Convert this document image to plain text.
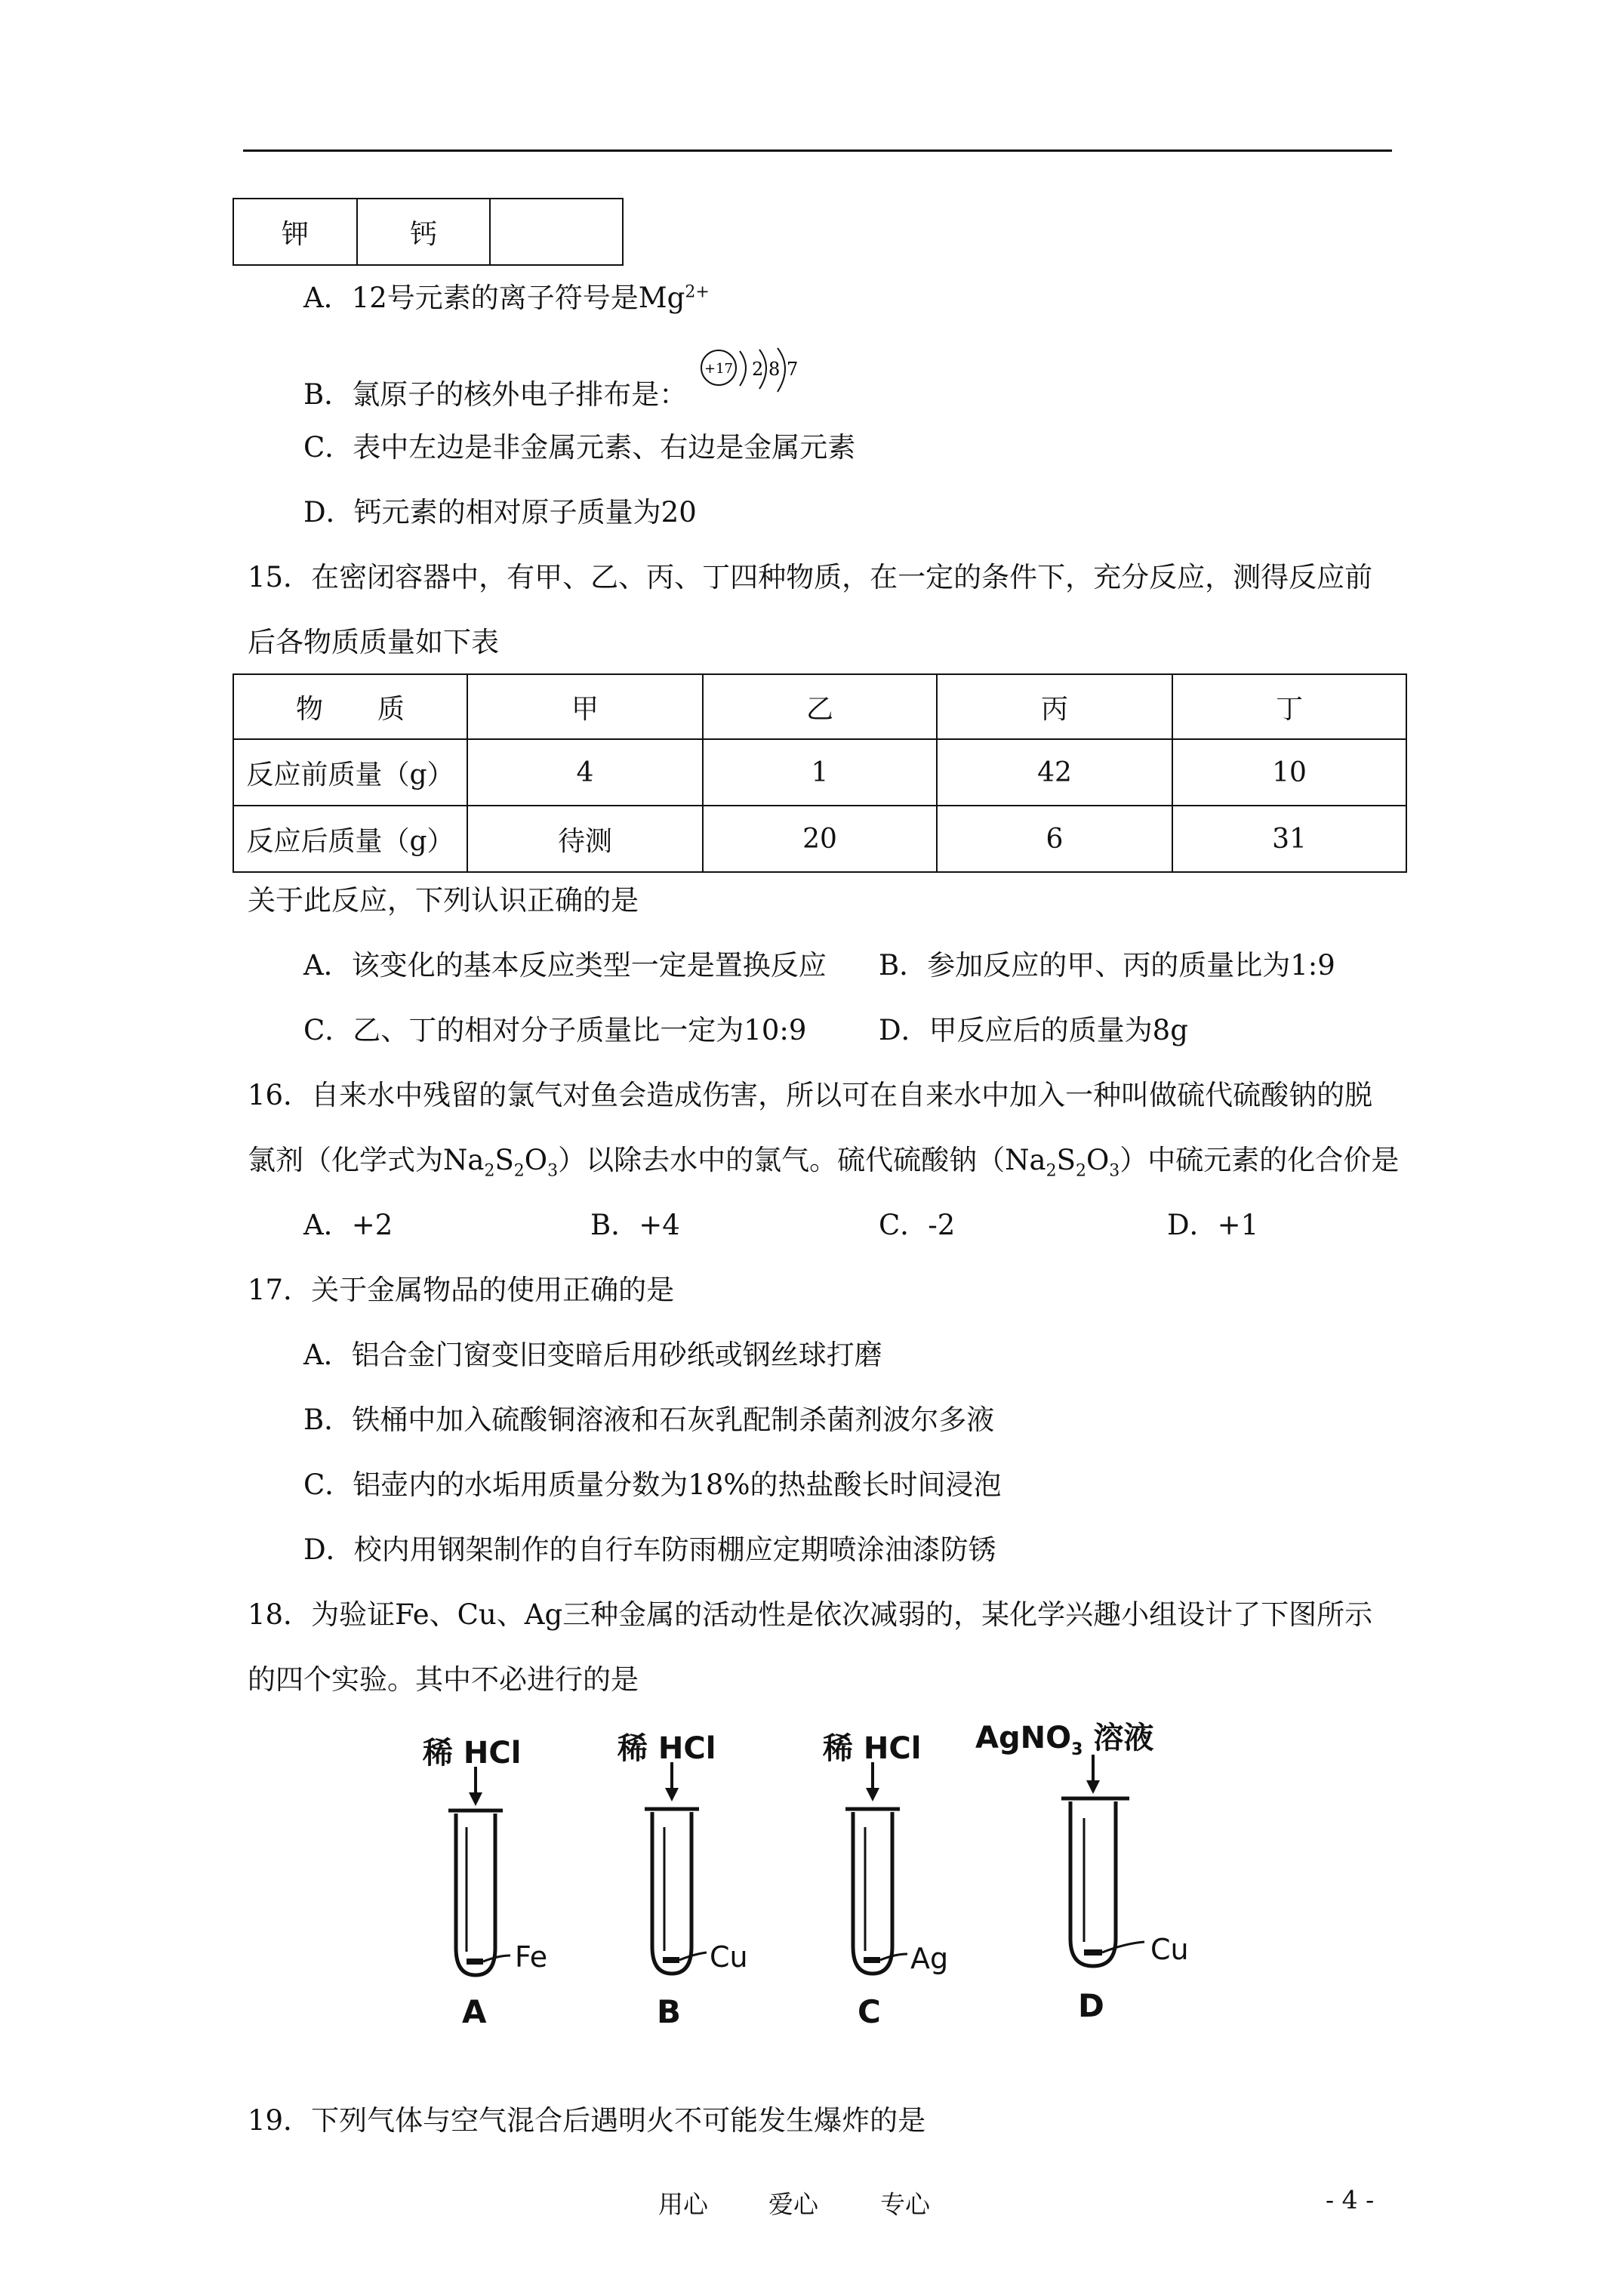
钾	钙	
A．12号元素的离子符号是$Mg^{2+}$
+17 2 8 7
B．氯原子的核外电子排布是：
C．表中左边是非金属元素、右边是金属元素
D．钙元素的相对原子质量为20
15．在密闭容器中，有甲、乙、丙、丁四种物质，在一定的条件下，充分反应，测得反应前
后各物质质量如下表
物　　质	甲	乙	丙	丁
反应前质量（g）	4	1	42	10
反应后质量（g）	待测	20	6	31
关于此反应，下列认识正确的是
A．该变化的基本反应类型一定是置换反应 B．参加反应的甲、丙的质量比为1:9
C．乙、丁的相对分子质量比一定为10:9	D．甲反应后的质量为8g
16．自来水中残留的氯气对鱼会造成伤害，所以可在自来水中加入一种叫做硫代硫酸钠的脱
氯剂（化学式为$Na_2S_2O_3$）以除去水中的氯气。硫代硫酸钠$(Na_2S_2O_3)$中硫元素的化合价是
A．+2	B．+4	C．-2	D．+1
17．关于金属物品的使用正确的是
A．铝合金门窗变旧变暗后用砂纸或钢丝球打磨
B．铁桶中加入硫酸铜溶液和石灰乳配制杀菌剂波尔多液
C．铝壶内的水垢用质量分数为18%的热盐酸长时间浸泡
D．校内用钢架制作的自行车防雨棚应定期喷涂油漆防锈
18．为验证Fe、Cu、Ag三种金属的活动性是依次减弱的，某化学兴趣小组设计了下图所示
的四个实验。其中不必进行的是
稀 HCl
Fe
A
稀 HCl
Cu
B
稀 HCl
Ag
C
AgNO$_3$ 溶液
Cu
D
19．下列气体与空气混合后遇明火不可能发生爆炸的是
用心 爱心 专心	- 4 -
